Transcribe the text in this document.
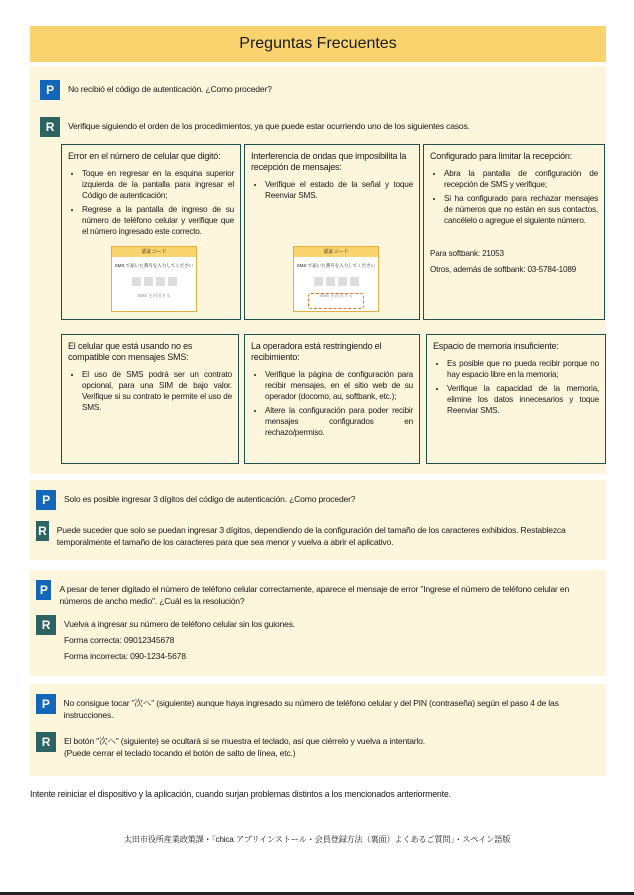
Preguntas Frecuentes
P	No recibió el código de autenticación. ¿Como proceder?
R	Verifique siguiendo el orden de los procedimientos, ya que puede estar ocurriendo uno de los siguientes casos.
Error en el número de celular que digitó:
• Toque en regresar en la esquina superior izquierda de la pantalla para ingresar el Código de autenticación;
• Regrese a la pantalla de ingreso de su número de teléfono celular y verifique que el número ingresado este correcto.
認証コード
SMS で届いた番号を入力してください
SMS を再送する
Interferencia de ondas que imposibilita la recepción de mensajes:
• Verifique el estado de la señal y toque Reenviar SMS.
認証コード
SMS で届いた番号を入力してください
SMS を再送する
Configurado para limitar la recepción:
• Abra la pantalla de configuración de recepción de SMS y verifique;
• Si ha configurado para rechazar mensajes de números que no están en sus contactos, cancélelo o agregue el siguiente número.
Para softbank: 21053
Otros, además de softbank: 03-5784-1089
El celular que está usando no es compatible con mensajes SMS:
• El uso de SMS podrá ser un contrato opcional, para una SIM de bajo valor. Verifique si su contrato le permite el uso de SMS.
La operadora está restringiendo el recibimiento:
• Verifique la página de configuración para recibir mensajes, en el sitio web de su operador (docomo, au, softbank, etc.);
• Altere la configuración para poder recibir mensajes configurados en rechazo/permiso.
Espacio de memoria insuficiente:
• Es posible que no pueda recibir porque no hay espacio libre en la memoria;
• Verifique la capacidad de la memoria, elimine los datos innecesarios y toque Reenviar SMS.
P	Solo es posible ingresar 3 dígitos del código de autenticación. ¿Como proceder?
R Puede suceder que solo se puedan ingresar 3 dígitos, dependiendo de la configuración del tamaño de los caracteres exhibidos. Restablezca temporalmente el tamaño de los caracteres para que sea menor y vuelva a abrir el aplicativo.
P	A pesar de tener digitado el número de teléfono celular correctamente, aparece el mensaje de error "Ingrese el número de teléfono celular en números de ancho medio". ¿Cuál es la resolución?
R	Vuelva a ingresar su número de teléfono celular sin los guiones.
Forma correcta: 09012345678
Forma incorrecta: 090-1234-5678
P	No consigue tocar "次へ" (siguiente) aunque haya ingresado su número de teléfono celular y del PIN (contraseña) según el paso 4 de las instrucciones.
R	El botón "次へ" (siguiente) se ocultará si se muestra el teclado, así que ciérrelo y vuelva a intentarlo.
(Puede cerrar el teclado tocando el botón de salto de línea, etc.)
Intente reiniciar el dispositivo y la aplicación, cuando surjan problemas distintos a los mencionados anteriormente.
太田市役所産業政策課・「chica アプリインストール・会員登録方法（裏面）よくあるご質問」・スペイン語版
